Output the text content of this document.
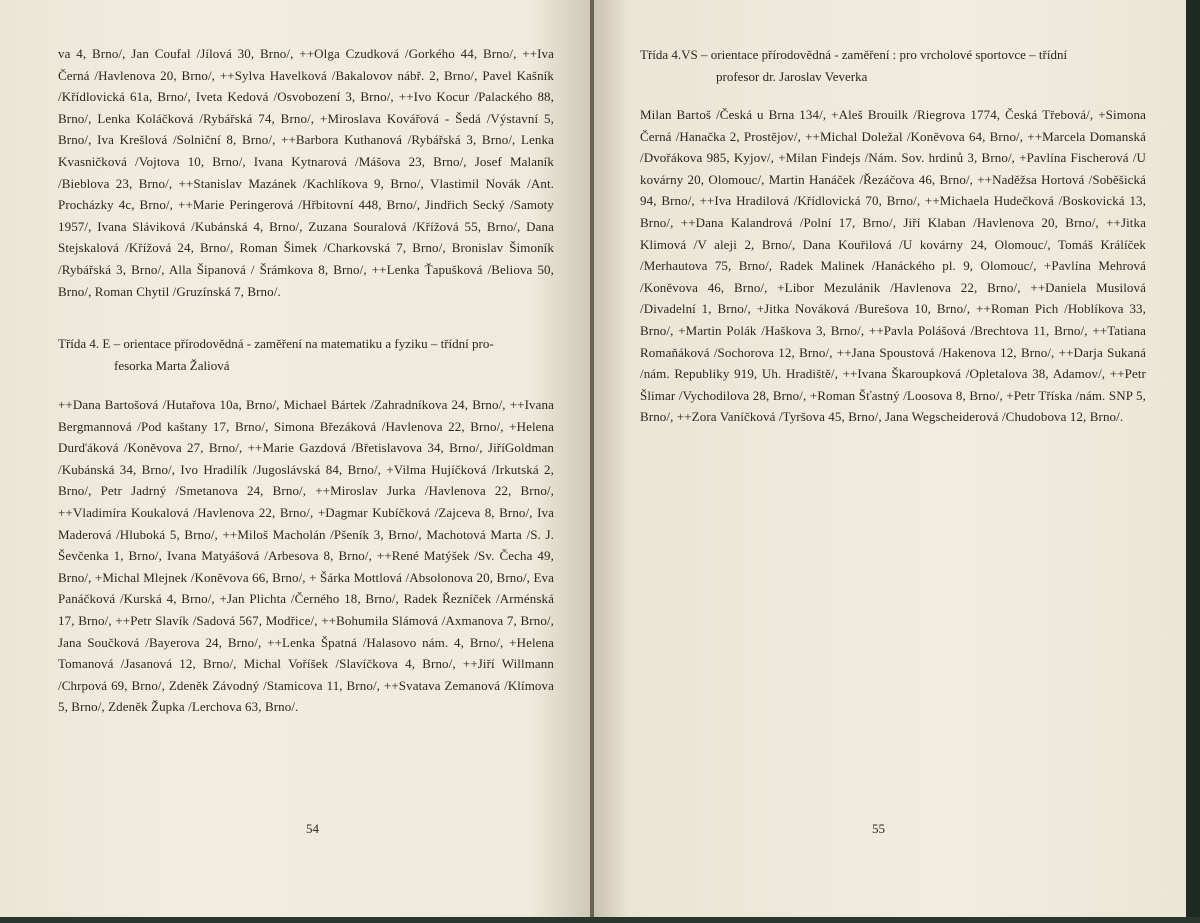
va 4, Brno/, Jan Coufal /Jílová 30, Brno/, ++Olga Czudková /Gorkého 44, Brno/, ++Iva Černá /Havlenova 20, Brno/, ++Sylva Havelková /Bakalovov nábř. 2, Brno/, Pavel Kašník /Křídlovická 61a, Brno/, Iveta Kedová /Osvobození 3, Brno/, ++Ivo Kocur /Palackého 88, Brno/, Lenka Koláčková /Rybářská 74, Brno/, +Miroslava Kovářová - Šedá /Výstavní 5, Brno/, Iva Krešlová /Solniční 8, Brno/, ++Barbora Kuthanová /Rybářská 3, Brno/, Lenka Kvasničková /Vojtova 10, Brno/, Ivana Kytnarová /Mášova 23, Brno/, Josef Malaník /Bieblova 23, Brno/, ++Stanislav Mazánek /Kachlíkova 9, Brno/, Vlastimil Novák /Ant. Procházky 4c, Brno/, ++Marie Peringerová /Hřbitovní 448, Brno/, Jindřich Secký /Samoty 1957/, Ivana Sláviková /Kubánská 4, Brno/, Zuzana Souralová /Křížová 55, Brno/, Dana Stejskalová /Křížová 24, Brno/, Roman Šimek /Charkovská 7, Brno/, Bronislav Šimoník /Rybářská 3, Brno/, Alla Šipanová / Šrámkova 8, Brno/, ++Lenka Ťapušková /Beliova 50, Brno/, Roman Chytil /Gruzínská 7, Brno/.

Třída 4. E – orientace přírodovědná - zaměření na matematiku a fyziku – třídní pro-
fesorka Marta Žaliová

++Dana Bartošová /Hutařova 10a, Brno/, Michael Bártek /Zahradníkova 24, Brno/, ++Ivana Bergmannová /Pod kaštany 17, Brno/, Simona Březáková /Havlenova 22, Brno/, +Helena Durďáková /Koněvova 27, Brno/, ++Marie Gazdová /Břetislavova 34, Brno/, JiříGoldman /Kubánská 34, Brno/, Ivo Hradilík /Jugoslávská 84, Brno/, +Vilma Hujíčková /Irkutská 2, Brno/, Petr Jadrný /Smetanova 24, Brno/, ++Miroslav Jurka /Havlenova 22, Brno/, ++Vladimíra Koukalová /Havlenova 22, Brno/, +Dagmar Kubíčková /Zajceva 8, Brno/, Iva Maderová /Hluboká 5, Brno/, ++Miloš Macholán /Pšeník 3, Brno/, Machotová Marta /S. J. Ševčenka 1, Brno/, Ivana Matyášová /Arbesova 8, Brno/, ++René Matýšek /Sv. Čecha 49, Brno/, +Michal Mlejnek /Koněvova 66, Brno/, + Šárka Mottlová /Absolonova 20, Brno/, Eva Panáčková /Kurská 4, Brno/, +Jan Plichta /Černého 18, Brno/, Radek Řezníček /Arménská 17, Brno/, ++Petr Slavík /Sadová 567, Modřice/, ++Bohumila Slámová /Axmanova 7, Brno/, Jana Součková /Bayerova 24, Brno/, ++Lenka Špatná /Halasovo nám. 4, Brno/, +Helena Tomanová /Jasanová 12, Brno/, Michal Voříšek /Slavíčkova 4, Brno/, ++Jiří Willmann /Chrpová 69, Brno/, Zdeněk Závodný /Stamicova 11, Brno/, ++Svatava Zemanová /Klímova 5, Brno/, Zdeněk Župka /Lerchova 63, Brno/.

54
Třída 4.VS – orientace přírodovědná - zaměření : pro vrcholové sportovce – třídní
profesor dr. Jaroslav Veverka

Milan Bartoš /Česká u Brna 134/, +Aleš Brouilk /Riegrova 1774, Česká Třebová/, +Simona Černá /Hanačka 2, Prostějov/, ++Michal Doležal /Koněvova 64, Brno/, ++Marcela Domanská /Dvořákova 985, Kyjov/, +Milan Findejs /Nám. Sov. hrdinů 3, Brno/, +Pavlína Fischerová /U kovárny 20, Olomouc/, Martin Hanáček /Řezáčova 46, Brno/, ++Naděžsa Hortová /Soběšická 94, Brno/, ++Iva Hradilová /Křídlovická 70, Brno/, ++Michaela Hudečková /Boskovická 13, Brno/, ++Dana Kalandrová /Polní 17, Brno/, Jiří Klaban /Havlenova 20, Brno/, ++Jitka Klimová /V aleji 2, Brno/, Dana Kouřilová /U kovárny 24, Olomouc/, Tomáš Králíček /Merhautova 75, Brno/, Radek Malinek /Hanáckého pl. 9, Olomouc/, +Pavlína Mehrová /Koněvova 46, Brno/, +Libor Mezulánik /Havlenova 22, Brno/, ++Daniela Musilová /Divadelní 1, Brno/, +Jitka Nováková /Burešova 10, Brno/, ++Roman Pich /Hoblíkova 33, Brno/, +Martin Polák /Haškova 3, Brno/, ++Pavla Polášová /Brechtova 11, Brno/, ++Tatiana Romaňáková /Sochorova 12, Brno/, ++Jana Spoustová /Hakenova 12, Brno/, ++Darja Sukaná /nám. Republiky 919, Uh. Hradiště/, ++Ivana Škaroupková /Opletalova 38, Adamov/, ++Petr Šlimar /Vychodilova 28, Brno/, +Roman Šťastný /Loosova 8, Brno/, +Petr Tříska /nám. SNP 5, Brno/, ++Zora Vaníčková /Tyršova 45, Brno/, Jana Wegscheiderová /Chudobova 12, Brno/.

55
